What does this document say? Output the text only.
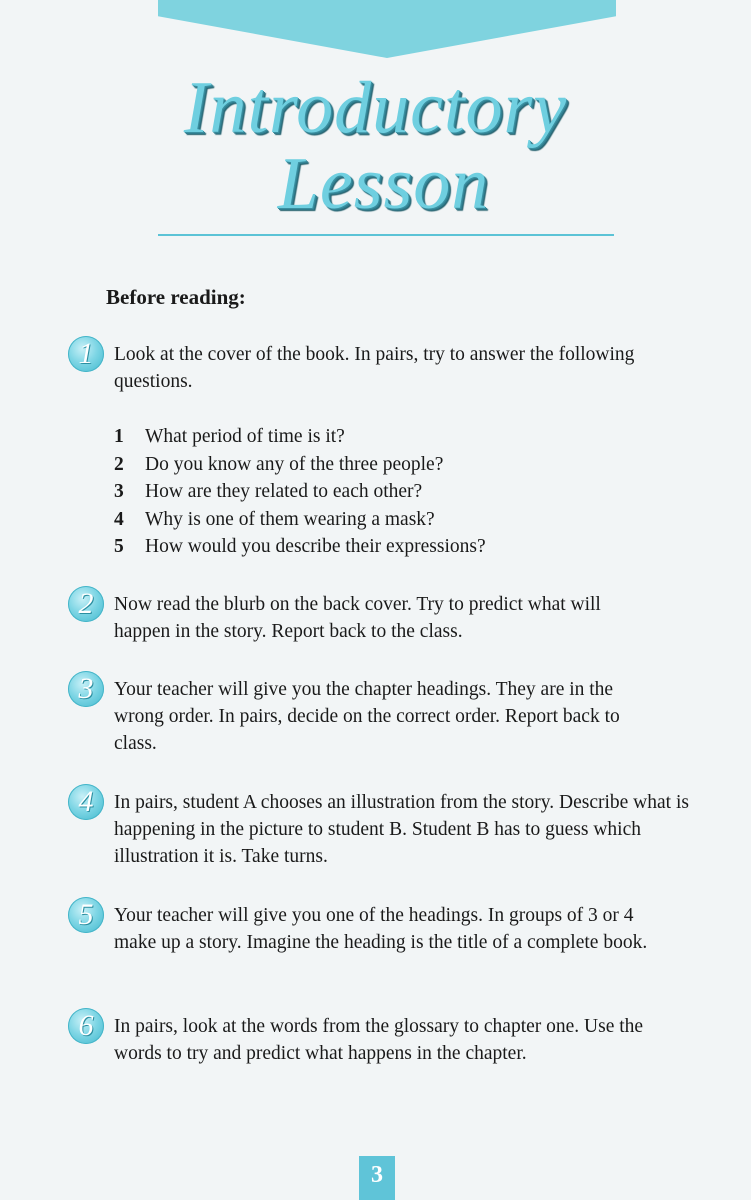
Introductory
Lesson
Before reading:
1	Look at the cover of the book. In pairs, try to answer the following questions.
1	What period of time is it?
2	Do you know any of the three people?
3	How are they related to each other?
4	Why is one of them wearing a mask?
5	How would you describe their expressions?
2	Now read the blurb on the back cover. Try to predict what will happen in the story. Report back to the class.
3	Your teacher will give you the chapter headings. They are in the wrong order. In pairs, decide on the correct order. Report back to class.
4	In pairs, student A chooses an illustration from the story. Describe what is happening in the picture to student B. Student B has to guess which illustration it is. Take turns.
5	Your teacher will give you one of the headings. In groups of 3 or 4 make up a story. Imagine the heading is the title of a complete book.
6	In pairs, look at the words from the glossary to chapter one. Use the words to try and predict what happens in the chapter.
3
